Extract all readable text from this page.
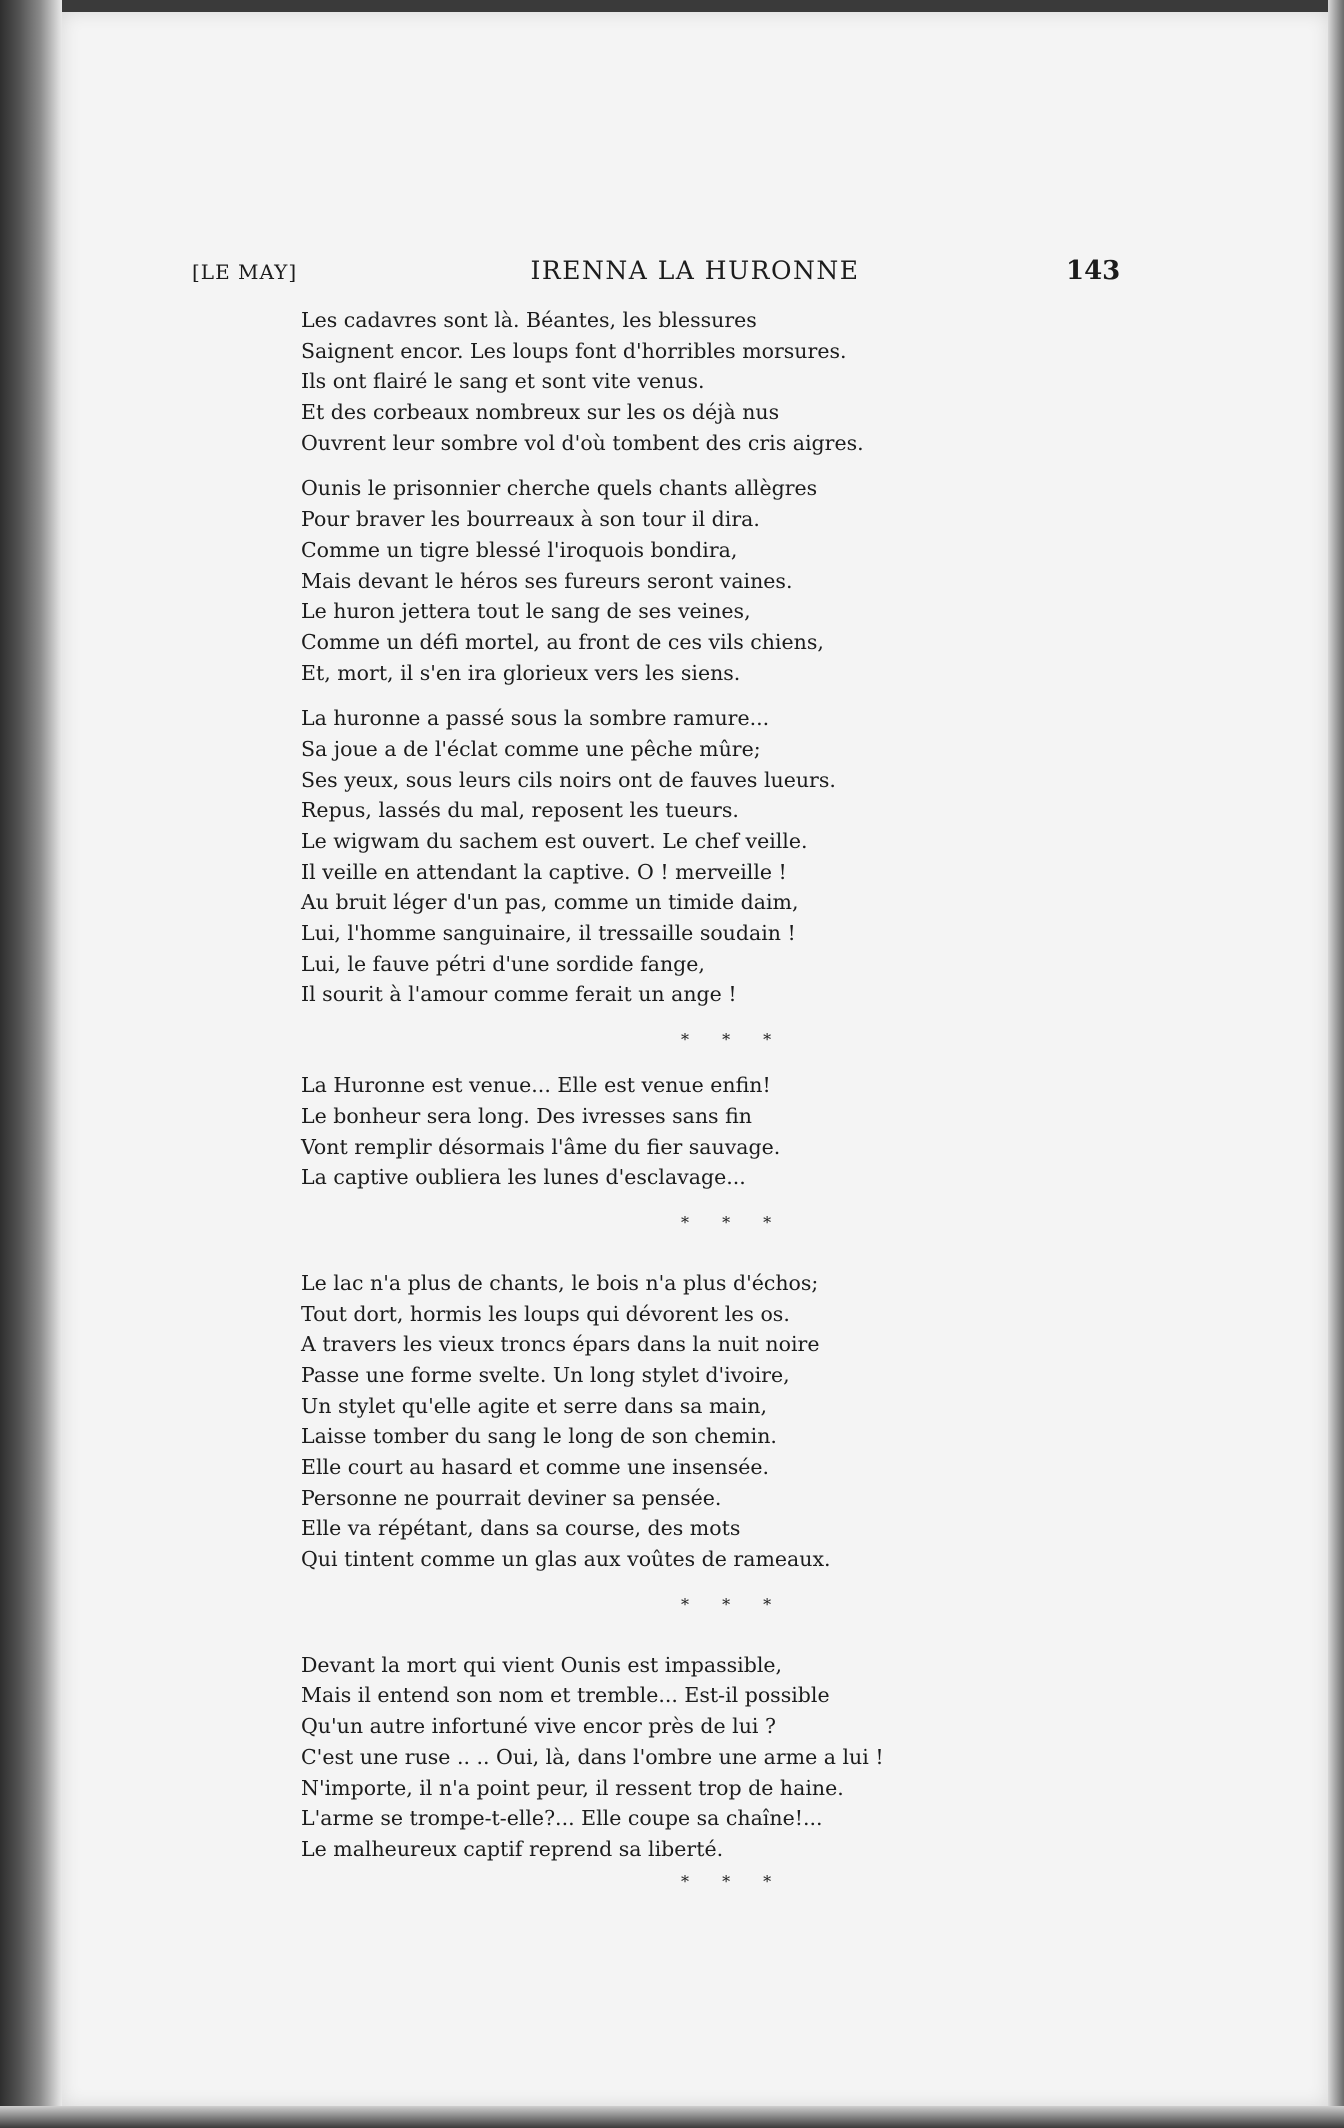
[LE MAY]	IRENNA LA HURONNE	143
Les cadavres sont là. Béantes, les blessures
Saignent encor. Les loups font d'horribles morsures.
Ils ont flairé le sang et sont vite venus.
Et des corbeaux nombreux sur les os déjà nus
Ouvrent leur sombre vol d'où tombent des cris aigres.
Ounis le prisonnier cherche quels chants allègres
Pour braver les bourreaux à son tour il dira.
Comme un tigre blessé l'iroquois bondira,
Mais devant le héros ses fureurs seront vaines.
Le huron jettera tout le sang de ses veines,
Comme un défi mortel, au front de ces vils chiens,
Et, mort, il s'en ira glorieux vers les siens.
La huronne a passé sous la sombre ramure...
Sa joue a de l'éclat comme une pêche mûre;
Ses yeux, sous leurs cils noirs ont de fauves lueurs.
Repus, lassés du mal, reposent les tueurs.
Le wigwam du sachem est ouvert. Le chef veille.
Il veille en attendant la captive. O ! merveille !
Au bruit léger d'un pas, comme un timide daim,
Lui, l'homme sanguinaire, il tressaille soudain !
Lui, le fauve pétri d'une sordide fange,
Il sourit à l'amour comme ferait un ange !
* * *
La Huronne est venue... Elle est venue enfin!
Le bonheur sera long. Des ivresses sans fin
Vont remplir désormais l'âme du fier sauvage.
La captive oubliera les lunes d'esclavage...
* * *
Le lac n'a plus de chants, le bois n'a plus d'échos;
Tout dort, hormis les loups qui dévorent les os.
A travers les vieux troncs épars dans la nuit noire
Passe une forme svelte. Un long stylet d'ivoire,
Un stylet qu'elle agite et serre dans sa main,
Laisse tomber du sang le long de son chemin.
Elle court au hasard et comme une insensée.
Personne ne pourrait deviner sa pensée.
Elle va répétant, dans sa course, des mots
Qui tintent comme un glas aux voûtes de rameaux.
* * *
Devant la mort qui vient Ounis est impassible,
Mais il entend son nom et tremble... Est-il possible
Qu'un autre infortuné vive encor près de lui ?
C'est une ruse .. .. Oui, là, dans l'ombre une arme a lui !
N'importe, il n'a point peur, il ressent trop de haine.
L'arme se trompe-t-elle?... Elle coupe sa chaîne!...
Le malheureux captif reprend sa liberté.
* * *
